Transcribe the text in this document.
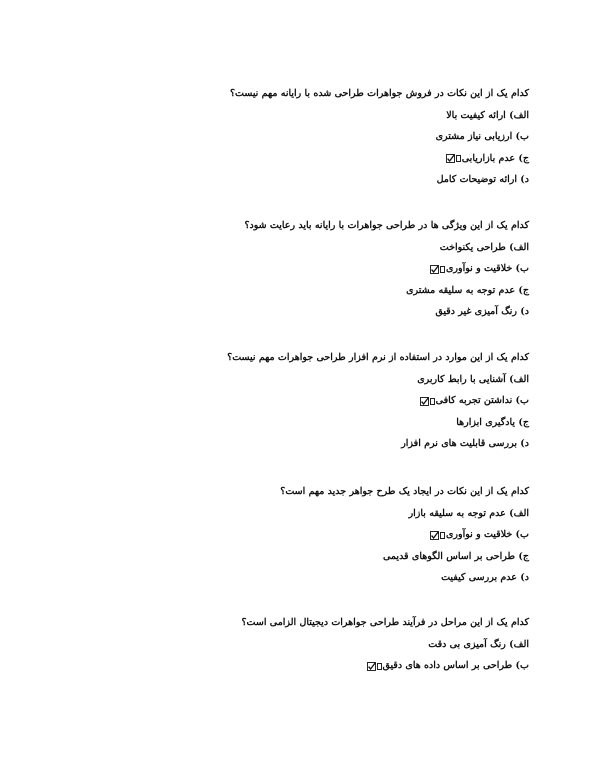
کدام یک از این نکات در فروش جواهرات طراحی شده با رایانه مهم نیست؟
الف) ارائه کیفیت بالا
ب) ارزیابی نیاز مشتری
ج) عدم بازاریابی
د) ارائه توضیحات کامل
کدام یک از این ویژگی ها در طراحی جواهرات با رایانه باید رعایت شود؟
الف) طراحی یکنواخت
ب) خلاقیت و نوآوری
ج) عدم توجه به سلیقه مشتری
د) رنگ آمیزی غیر دقیق
کدام یک از این موارد در استفاده از نرم افزار طراحی جواهرات مهم نیست؟
الف) آشنایی با رابط کاربری
ب) نداشتن تجربه کافی
ج) یادگیری ابزارها
د) بررسی قابلیت های نرم افزار
کدام یک از این نکات در ایجاد یک طرح جواهر جدید مهم است؟
الف) عدم توجه به سلیقه بازار
ب) خلاقیت و نوآوری
ج) طراحی بر اساس الگوهای قدیمی
د) عدم بررسی کیفیت
کدام یک از این مراحل در فرآیند طراحی جواهرات دیجیتال الزامی است؟
الف) رنگ آمیزی بی دقت
ب) طراحی بر اساس داده های دقیق
